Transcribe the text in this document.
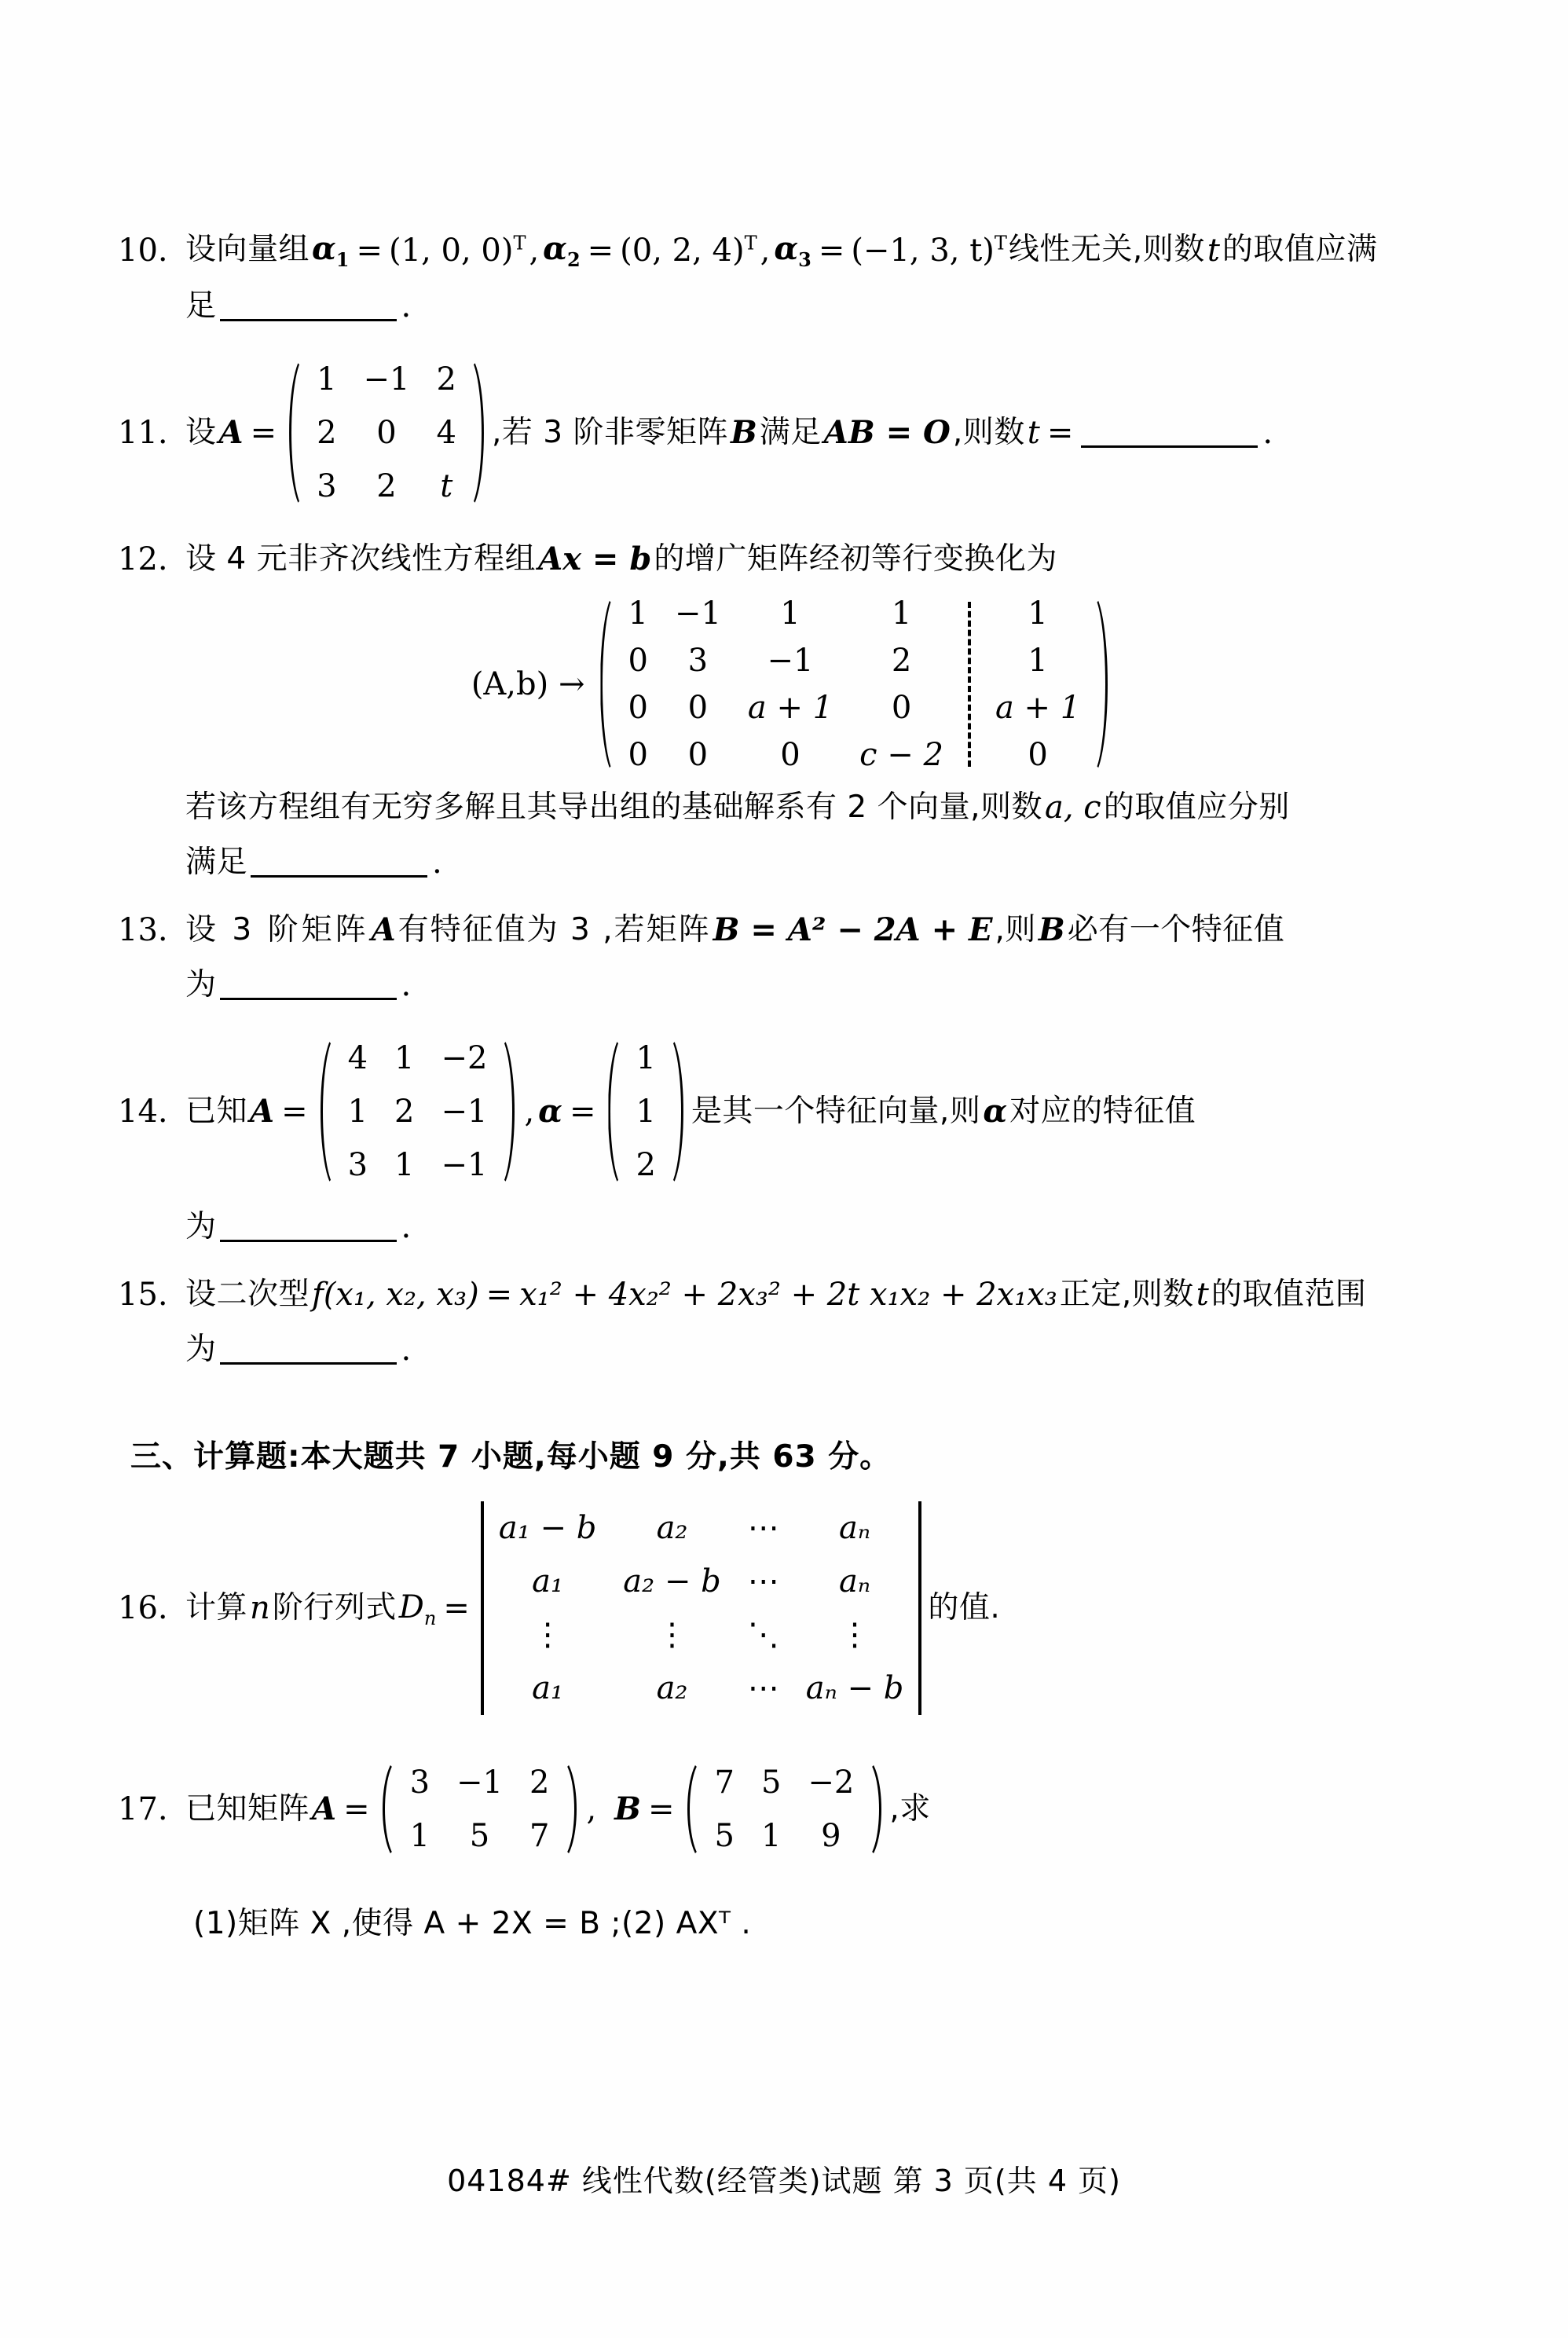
10. 设向量组 $\alpha_1 = (1$, 0, 0)$^T$ , $\alpha_2 = (0$, 2, 4)$^T$ , $\alpha_3 = (-1$, 3, t)$^T$ 线性无关,则数 t 的取值应满
足	.
11. 设 A =
1	−1	2
2	0	4
3	2	t
,若 3 阶非零矩阵 B 满足 AB = O ,则数 t =	.
12. 设 4 元非齐次线性方程组 Ax = b 的增广矩阵经初等行变换化为
(A,b) →
1	−1	1	1		1
0	3	−1	2		1
0	0	a + 1	0		a + 1
0	0	0	c − 2		0
若该方程组有无穷多解且其导出组的基础解系有 2 个向量,则数 a, c 的取值应分别
满足	.
13. 设 3 阶矩阵 A 有特征值为 3 ,若矩阵 B = A² − 2A + E ,则 B 必有一个特征值
为	.
14. 已知 A =
4	1	−2
1	2	−1
3	1	−1
, α =
1
1
2
是其一个特征向量,则 α 对应的特征值
为	.
15. 设二次型 f(x₁, x₂, x₃) = x₁² + 4x₂² + 2x₃² + 2t x₁x₂ + 2x₁x₃ 正定,则数 t 的取值范围
为	.
三、计算题:本大题共 7 小题,每小题 9 分,共 63 分。
16. 计算 n 阶行列式 $D_n$ =
a₁ − b	a₂	⋯	aₙ
a₁	a₂ − b	⋯	aₙ
⋮	⋮	⋱	⋮
a₁	a₂	⋯	aₙ − b
的值.
17. 已知矩阵 A =
3	−1	2
1	5	7
, B =
7	5	−2
5	1	9
,求
(1)矩阵 X ,使得 A + 2X = B ;(2) AXᵀ .
04184# 线性代数(经管类)试题 第 3 页(共 4 页)
